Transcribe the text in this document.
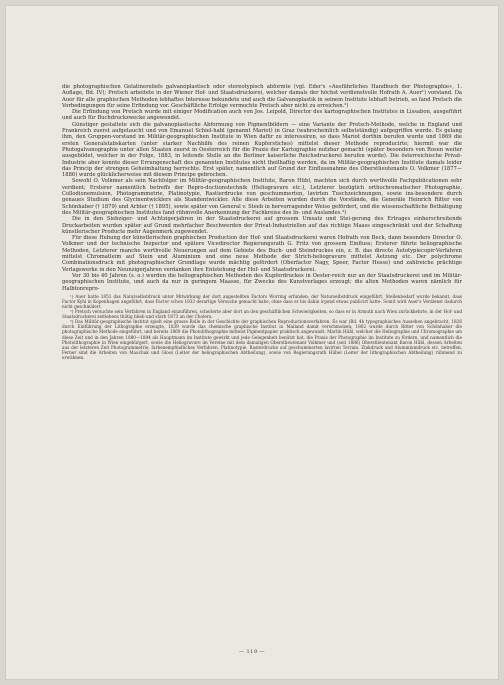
die photographischen Gelatinereliefs galvanoplastisch oder stereotypisch abformte (vgl. Eder's »Ausführliches Handbuch der Photographie«, 1. Auflage, Bd. IV); Pretsch arbeitete in der Wiener Hof- und Staatsdruckerei, welcher damals der höchst verdienstvolle Hofrath A. Auer¹) vorstand. Da Auer für alle graphischen Methoden lebhaftes Interesse bekundete und auch die Galvanoplastik in seinem Institute lebhaft betrieb, so fand Pretsch die Vorbedingungen für seine Erfindung vor. Geschäftliche Erfolge vermochte Pretsch aber nicht zu erreichen.²)

Die Erfindung von Pretsch wurde mit einiger Modification auch von Jos. Leipold, Director des kartographischen Institutes in Lissabon, ausgeführt und auch für Buchdruckzwecke angewendet.

Günstiger gestaltete sich die galvanoplastische Abformung von Pigmentbildern — eine Variante der Pretsch-Methode, welche in England und Frankreich zuerst aufgetaucht und von Emanuel Schiel-habl (genannt Mariot) in Graz (wahrscheinlich selbstständig) aufgegriffen wurde. Es gelang ihm, den Gruppen-vorstand im Militär-geographischen Institute in Wien dafür zu interessiren, so dass Mariot dorthin berufen wurde und 1869 die ersten Generalstabskarten (unter starker Nachhilfe des reinen Kupferstiches) mittelst dieser Methode reproducirte; hiermit war die Photogalvanographie unter allen Staaten zuerst in Oesterreich für die Praxis der Kartographie nutzbar gemacht (später besonders von Rosen weiter ausgebildet, welcher in der Folge, 1883, in leitende Stelle an die Berliner kaiserliche Reichsdruckerei berufen wurde). Die österreichische Privat-Industrie aber konnte dieser Errungenschaft des genannten Institutes nicht theilhaftig werden, da im Militär-geographischen Institute damals leider das Princip der strengen Geheimhaltung herrschte. Erst später, namentlich auf Grund der Einflussnahme des Oberstlieutenants O. Volkmer (1877—1886) wurde glücklicherweise mit diesem Principe gebrochen.

Sowohl O. Volkmer als sein Nachfolger im Militär-geographischen Institute, Baron Hübl, machten sich durch werthvolle Fachpublicationen sehr verdient; Ersterer namentlich betreffs der Repro-ductionstechnik (Heliogravure etc.), Letzterer bezüglich orthochromatischer Photographie, Collodionemulsion, Photogrammetrie, Platinotypie, Rastierdrucke von geschummerten, lavirten Tuschzeichnungen, sowie ins-besondere durch genaues Studium des Glycinentwicklers als Standentwickler. Alle diese Arbeiten wurden durch die Vorstände, die Generäle Heinrich Ritter von Schönhaber († 1879) und Arbter († 1895), sowie später von General v. Steeb in hervorragender Weise gefördert, und die wissenschaftliche Bethätigung des Militär-geographischen Institutes fand rühmvolle Anerkennung der Fachkreise des In- und Auslandes.³)

Die in den Siebziger- und Achtzigerjahren in der Staatsdruckerei auf grossem Umsatz und Stei-gerung des Ertrages einherschreitende Druckarbeiten wurden später auf Grund mehrfacher Beschwerden der Privat-Industriellen auf das richtige Maass eingeschränkt und der Schaffung künstlerischer Producte mehr Augenmerk zugewendet.

Für diese Hebung der künstlerischen graphischen Production der Hof- und Staatsdruckerei waren Hofrath von Beck, dann besonders Director O. Volkmer und der technische Inspector und spätere Vicedirector Regierungsrath G. Fritz von grossem Einfluss; Ersterer führte heliographische Methoden, Letzterer manche werthvolle Neuerungen auf dem Gebiete des Buch- und Steindruckes ein, z. B. das directe Autotypiecopir-Verfahren mittelst Chromatleim auf Stein und Aluminium und eine neue Methode der Strich-heliogravure mittelst Aetzung etc. Der polychrome Combinationsdruck mit photographischer Grundlage wurde mächtig gefördert (Oberfactor Nagy, Speer, Factor Hesse) und zahlreiche prächtige Verlagswerke in den Neunzigerjahren verdanken ihre Entstehung der Hof- und Staatsdruckerei.

Vor 30 bis 40 Jahren (s. o.) wurden die heliographischen Methoden des Kupferdruckes in Oester-reich nur an der Staatsdruckerei und im Militär-geographischen Institute, und auch da nur in geringem Maasse, für Zwecke des Kunstverlages erzeugt; die alten Methoden waren nämlich für Halbtonrepro-

¹) Auer hatte 1851 das Naturselbstdruck unter Mitwirkung der dort angestellten Factors Worring erfunden; der Naturselbstdruck eingeführt, Stellenbedarf wurde bekannt, dass Factor Kyhl in Kopenhagen angeführt, dass Factor schon 1833 derartige Versuche gemacht habe, ohne dass er bis dahin irgend etwas publicirt hatte. Somit wird Auer's Verdienst dadurch nicht geschmälert.

²) Pretsch versuchte sein Verfahren in England einzuführen, scheiterte aber dort an den geschäftlichen Schwierigkeiten, so dass er in Armuth nach Wien zurückkehrte, in der Hof- und Staatsdruckerei zeitlebens thätig blieb und starb 1873 an der Cholera.

³) Das Militär-geographische Institut spielt eine grosse Rolle in der Geschichte der graphischen Reproductionsverfahren. Es war (Bd. 4b typographisches Aussehen angebracht, 1826 durch Einführung der Lithographie erzeugte, 1839 wurde das chemische graphische Institut in Mailand damit verschmolzen; 1862 wurde durch Ritter von Schönhaber die photographische Methode eingeführt, und bereits 1869 die Photolithographie mittelst Pigmentpapier praktisch angewandt. Martin Hübl, welcher die Heliographie und Chromographie um diese Zeit und in den Jahren 1880—1894 als Hauptmann im Institute gewirkt und jede Gelegenheit benützt hat, die Praxis der Photographie im Institute zu fördern, und namentlich die Photolithographie in Wien eingebürgert, sowie die Heliogravure im Vereine mit dem damaligen Oberstlieutenant Volkmer und (seit 1886) Oberstlieutenant Baron Hübl, dessen Arbeiten aus der letzteren Zeit Photogrammetrie, farbenempfindliches Verfahren, Platinotypie, Rasterdrucke auf geschummerten lavirten Terrain, Zinkdruck und Aluminiumdruck etc. betreffen, Ferner sind die Arbeiten von Mauchak und Gloss (Leiter der heliographischen Abtheilung), sowie von Regierungsrath Hübel (Leiter der lithographischen Abtheilung) rühmend zu erwähnen.

— 119 —
